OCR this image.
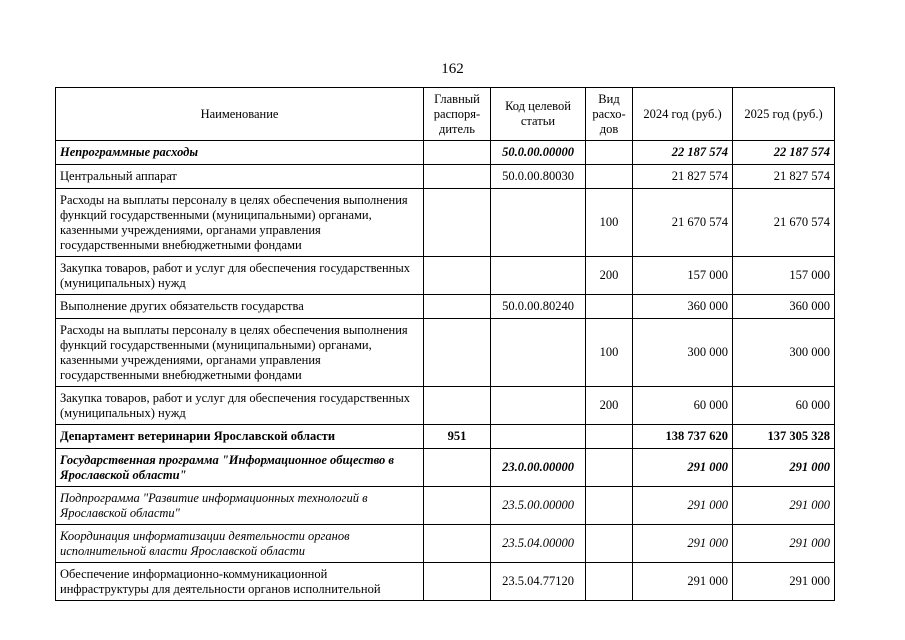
162
Наименование	Главный распоря-дитель	Код целевой статьи	Вид расхо-дов	2024 год (руб.)	2025 год (руб.)
Непрограммные расходы		50.0.00.00000		22 187 574	22 187 574
Центральный аппарат		50.0.00.80030		21 827 574	21 827 574
Расходы на выплаты персоналу в целях обеспечения выполнения функций государственными (муниципальными) органами, казенными учреждениями, органами управления государственными внебюджетными фондами			100	21 670 574	21 670 574
Закупка товаров, работ и услуг для обеспечения государственных (муниципальных) нужд			200	157 000	157 000
Выполнение других обязательств государства		50.0.00.80240		360 000	360 000
Расходы на выплаты персоналу в целях обеспечения выполнения функций государственными (муниципальными) органами, казенными учреждениями, органами управления государственными внебюджетными фондами			100	300 000	300 000
Закупка товаров, работ и услуг для обеспечения государственных (муниципальных) нужд			200	60 000	60 000
Департамент ветеринарии Ярославской области	951			138 737 620	137 305 328
Государственная программа "Информационное общество в Ярославской области"		23.0.00.00000		291 000	291 000
Подпрограмма "Развитие информационных технологий в Ярославской области"		23.5.00.00000		291 000	291 000
Координация информатизации деятельности органов исполнительной власти Ярославской области		23.5.04.00000		291 000	291 000
Обеспечение информационно-коммуникационной инфраструктуры для деятельности органов исполнительной		23.5.04.77120		291 000	291 000
